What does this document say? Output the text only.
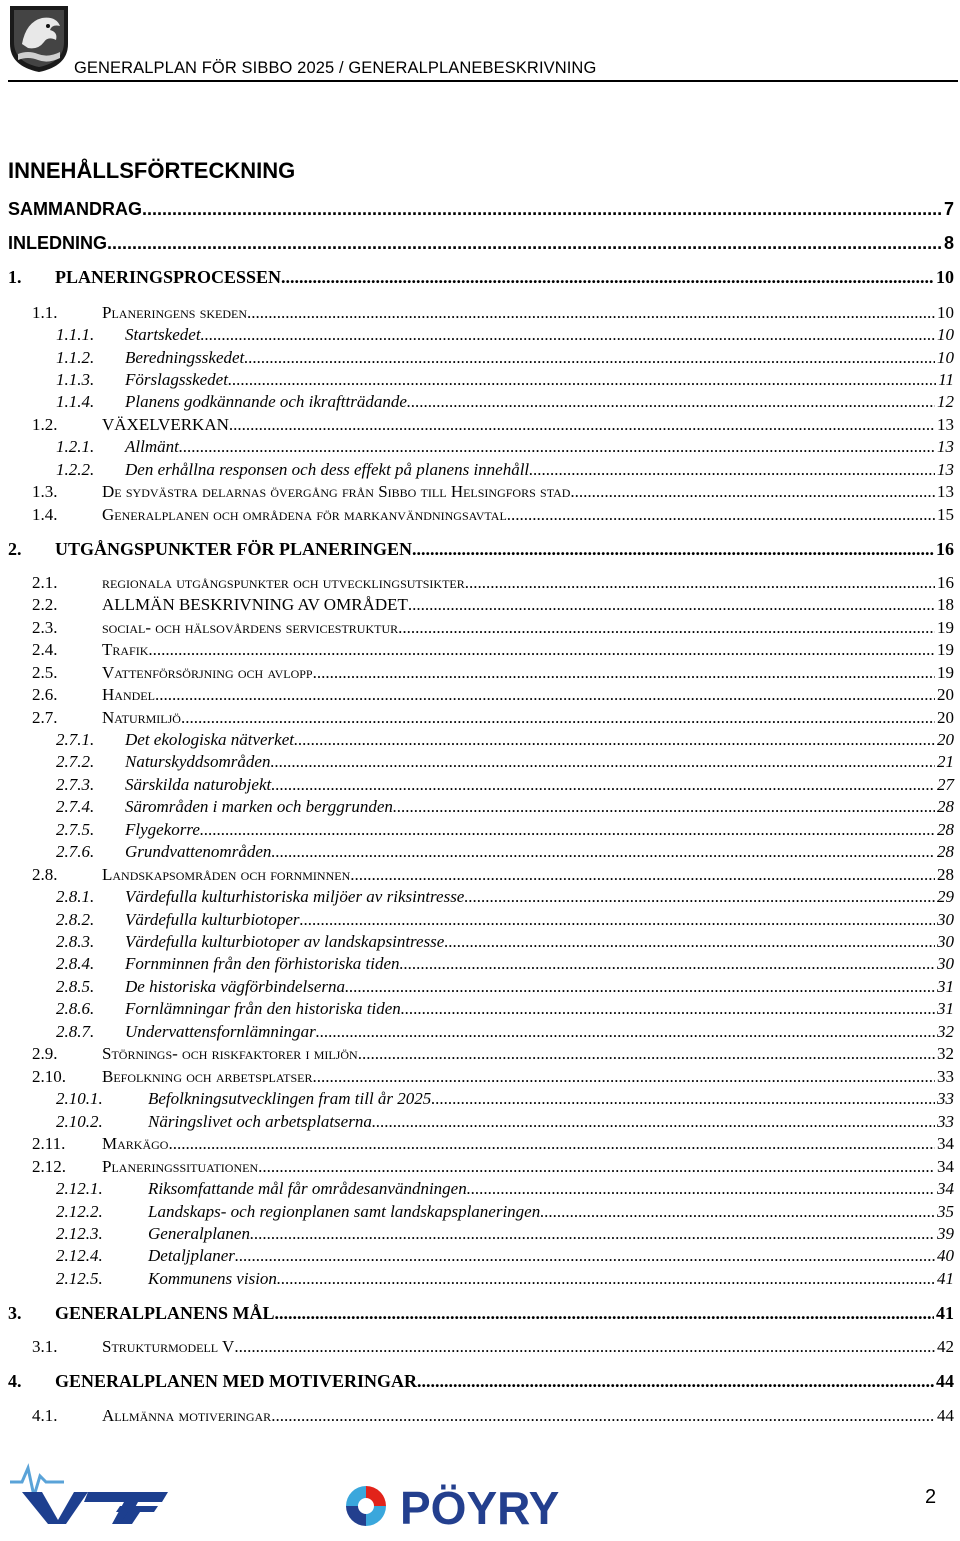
GENERALPLAN FÖR SIBBO 2025 / GENERALPLANEBESKRIVNING
INNEHÅLLSFÖRTECKNING
SAMMANDRAG .....	7
INLEDNING .....	8
1. PLANERINGSPROCESSEN .....	10
1.1.	Planeringens skeden .....	10
1.1.1. Startskedet .....	10
1.1.2. Beredningsskedet .....	10
1.1.3. Förslagsskedet .....	11
1.1.4. Planens godkännande och ikraftträdande .....	12
1.2.	VÄXELVERKAN .....	13
1.2.1. Allmänt .....	13
1.2.2. Den erhållna responsen och dess effekt på planens innehåll .....	13
1.3.	De sydvästra delarnas övergång från Sibbo till Helsingfors stad .....	13
1.4.	Generalplanen och områdena för markanvändningsavtal .....	15
2. UTGÅNGSPUNKTER FÖR PLANERINGEN .....	16
2.1.	regionala utgångspunkter och utvecklingsutsikter .....	16
2.2.	ALLMÄN BESKRIVNING AV OMRÅDET .....	18
2.3.	social- och hälsovårdens servicestruktur .....	19
2.4.	Trafik .....	19
2.5.	Vattenförsörjning och avlopp .....	19
2.6.	Handel .....	20
2.7.	Naturmiljö .....	20
2.7.1. Det ekologiska nätverket .....	20
2.7.2. Naturskyddsområden .....	21
2.7.3. Särskilda naturobjekt .....	27
2.7.4. Särområden i marken och berggrunden .....	28
2.7.5. Flygekorre .....	28
2.7.6. Grundvattenområden .....	28
2.8.	Landskapsområden och fornminnen .....	28
2.8.1. Värdefulla kulturhistoriska miljöer av riksintresse .....	29
2.8.2. Värdefulla kulturbiotoper .....	30
2.8.3. Värdefulla kulturbiotoper av landskapsintresse .....	30
2.8.4. Fornminnen från den förhistoriska tiden .....	30
2.8.5. De historiska vägförbindelserna .....	31
2.8.6. Fornlämningar från den historiska tiden .....	31
2.8.7. Undervattensfornlämningar .....	32
2.9.	Störnings- och riskfaktorer i miljön .....	32
2.10. Befolkning och arbetsplatser .....	33
2.10.1.	Befolkningsutvecklingen fram till år 2025 .....	33
2.10.2.	Näringslivet och arbetsplatserna .....	33
2.11. Markägo .....	34
2.12. Planeringssituationen .....	34
2.12.1.	Riksomfattande mål får områdesanvändningen .....	34
2.12.2.	Landskaps- och regionplanen samt landskapsplaneringen .....	35
2.12.3.	Generalplanen .....	39
2.12.4.	Detaljplaner .....	40
2.12.5.	Kommunens vision .....	41
3. GENERALPLANENS MÅL .....	41
3.1.	Strukturmodell V .....	42
4. GENERALPLANEN MED MOTIVERINGAR .....	44
4.1.	Allmänna motiveringar .....	44
PÖYRY	2
